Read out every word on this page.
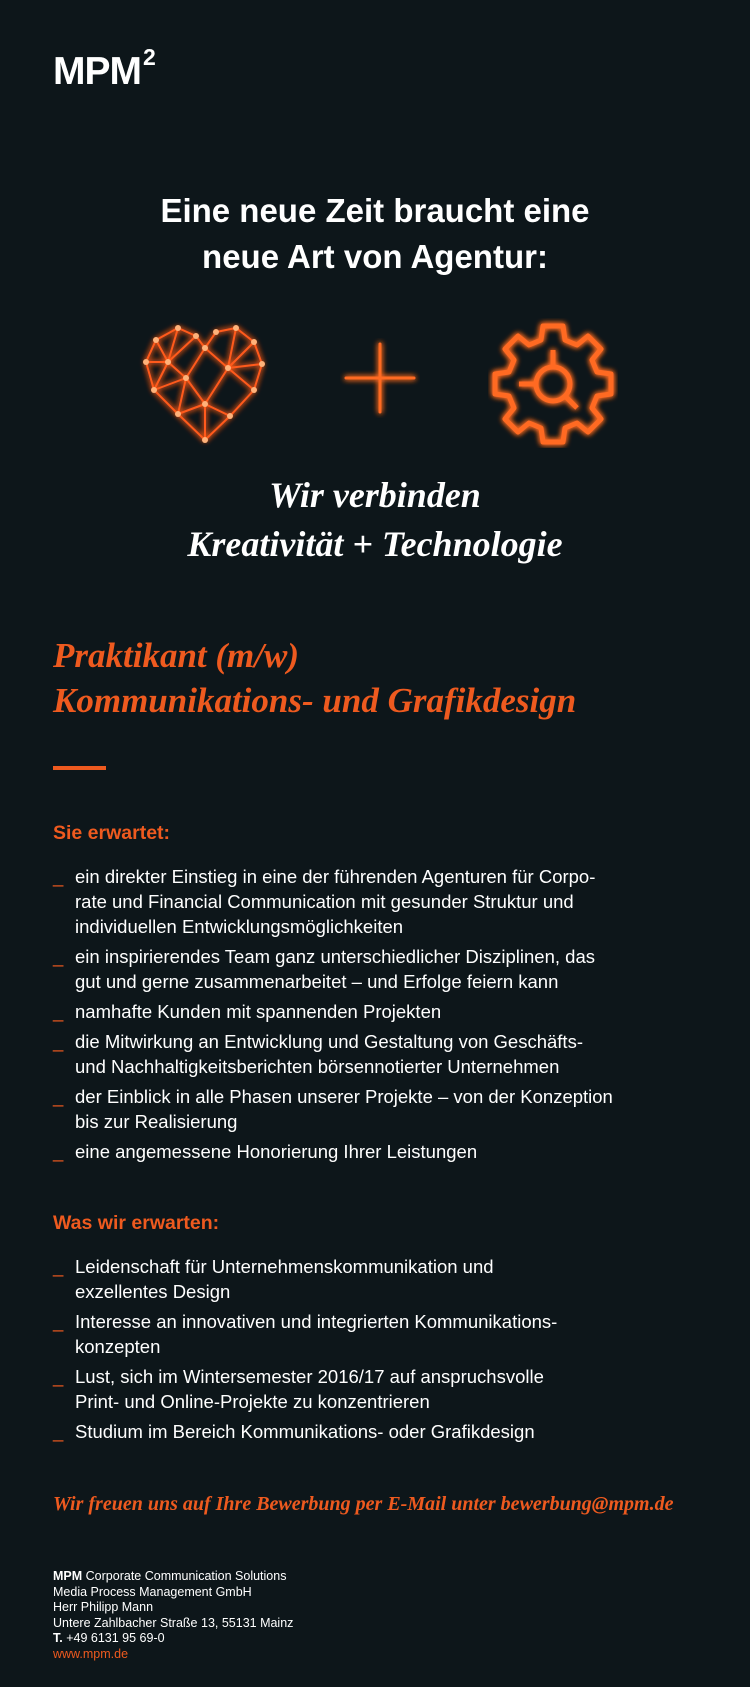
MPM$^2$
Eine neue Zeit braucht eine
neue Art von Agentur:
Wir verbinden
Kreativität + Technologie
Praktikant (m/w)
Kommunikations- und Grafikdesign
Sie erwartet:
_ ein direkter Einstieg in eine der führenden Agenturen für Corpo-
rate und Financial Communication mit gesunder Struktur und
individuellen Entwicklungsmöglichkeiten
_ ein inspirierendes Team ganz unterschiedlicher Disziplinen, das
gut und gerne zusammenarbeitet – und Erfolge feiern kann
_ namhafte Kunden mit spannenden Projekten
_ die Mitwirkung an Entwicklung und Gestaltung von Geschäfts-
und Nachhaltigkeitsberichten börsennotierter Unternehmen
_ der Einblick in alle Phasen unserer Projekte – von der Konzeption
bis zur Realisierung
_ eine angemessene Honorierung Ihrer Leistungen
Was wir erwarten:
_ Leidenschaft für Unternehmenskommunikation und
exzellentes Design
_ Interesse an innovativen und integrierten Kommunikations-
konzepten
_ Lust, sich im Wintersemester 2016/17 auf anspruchsvolle
Print- und Online-Projekte zu konzentrieren
_ Studium im Bereich Kommunikations- oder Grafikdesign
Wir freuen uns auf Ihre Bewerbung per E-Mail unter bewerbung@mpm.de
MPM Corporate Communication Solutions
Media Process Management GmbH
Herr Philipp Mann
Untere Zahlbacher Straße 13, 55131 Mainz
T. +49 6131 95 69-0
www.mpm.de
